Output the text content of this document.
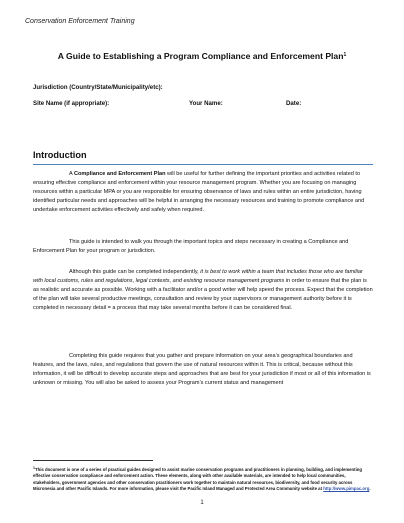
Conservation Enforcement Training
A Guide to Establishing a Program Compliance and Enforcement Plan$^1$
Jurisdiction (Country/State/Municipality/etc):
Site Name (if appropriate):	Your Name:	Date:
Introduction
A Compliance and Enforcement Plan will be useful for further defining the important priorities and activities related to ensuring effective compliance and enforcement within your resource management program. Whether you are focusing on managing resources within a particular MPA or you are responsible for ensuring observance of laws and rules within an entire jurisdiction, having identified particular needs and approaches will be helpful in arranging the necessary resources and training to promote compliance and undertake enforcement activities effectively and safely when required.
This guide is intended to walk you through the important topics and steps necessary in creating a Compliance and Enforcement Plan for your program or jurisdiction.
Although this guide can be completed independently, it is best to work within a team that includes those who are familiar with local customs, rules and regulations, legal contexts, and existing resource management programs in order to ensure that the plan is as realistic and accurate as possible. Working with a facilitator and/or a good writer will help speed the process. Expect that the completion of the plan will take several productive meetings, consultation and review by your supervisors or management authority before it is completed in necessary detail = a process that may take several months before it can be considered final.
Completing this guide requires that you gather and prepare information on your area’s geographical boundaries and features, and the laws, rules, and regulations that govern the use of natural resources within it. This is critical, because without this information, it will be difficult to develop accurate steps and approaches that are best for your jurisdiction if most or all of this information is unknown or missing. You will also be asked to assess your Program’s current status and management
$^1$This document is one of a series of practical guides designed to assist marine conservation programs and practitioners in planning, building, and implementing effective conservation compliance and enforcement action. These elements, along with other available materials, are intended to help local communities, stakeholders, government agencies and other conservation practitioners work together to maintain natural resources, biodiversity, and food security across Micronesia and other Pacific Islands. For more information, please visit the Pacific Island Managed and Protected Area Community website at http://www.pimpac.org.
1
